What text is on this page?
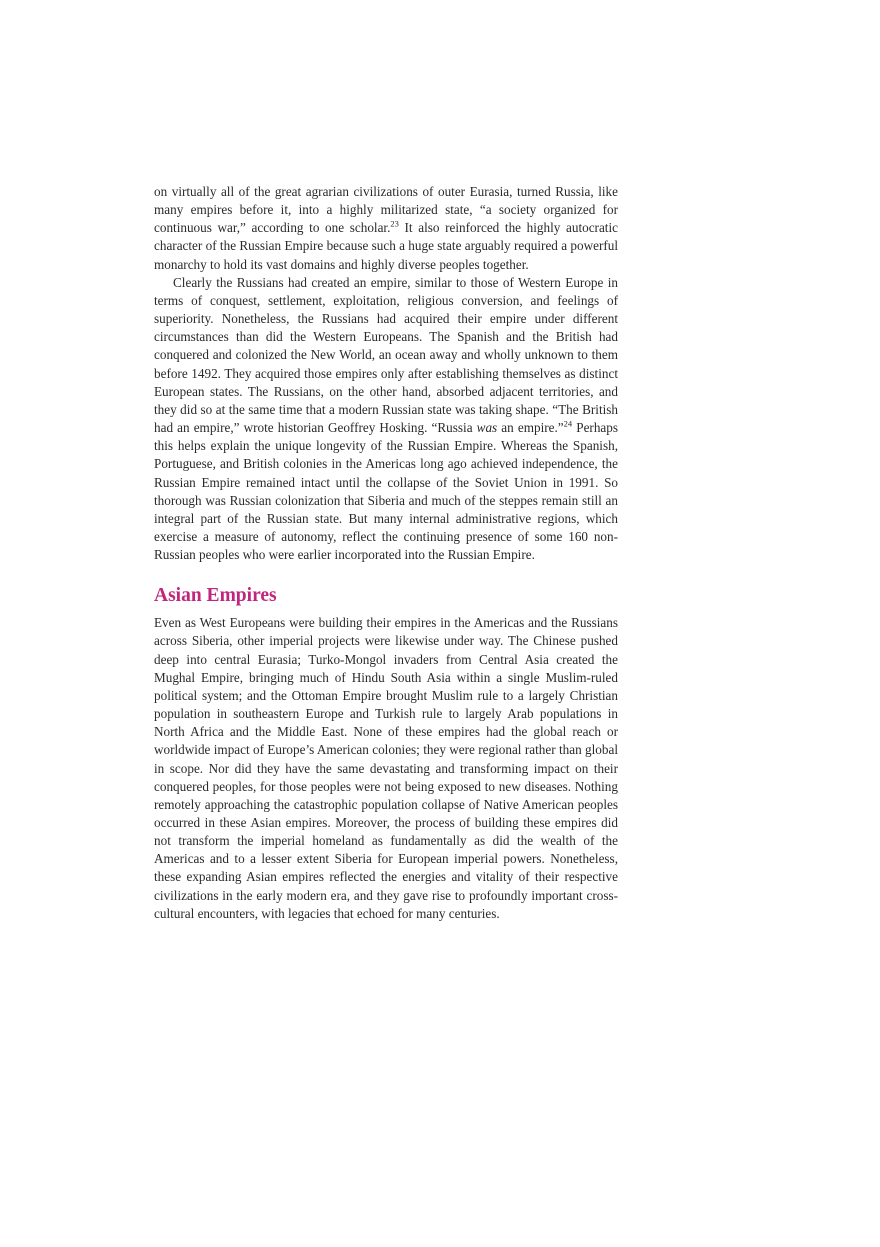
on virtually all of the great agrarian civilizations of outer Eurasia, turned Russia, like many empires before it, into a highly militarized state, “a society organized for continuous war,” according to one scholar.$^{23}$ It also reinforced the highly autocratic character of the Russian Empire because such a huge state arguably required a powerful monarchy to hold its vast domains and highly diverse peoples together.

Clearly the Russians had created an empire, similar to those of Western Europe in terms of conquest, settlement, exploitation, religious conversion, and feelings of superiority. Nonetheless, the Russians had acquired their empire under different circumstances than did the Western Europeans. The Spanish and the British had conquered and colonized the New World, an ocean away and wholly unknown to them before 1492. They acquired those empires only after establishing themselves as distinct European states. The Russians, on the other hand, absorbed adjacent territories, and they did so at the same time that a modern Russian state was taking shape. “The British had an empire,” wrote historian Geoffrey Hosking. “Russia was an empire.”$^{24}$ Perhaps this helps explain the unique longevity of the Russian Empire. Whereas the Spanish, Portuguese, and British colonies in the Americas long ago achieved independence, the Russian Empire remained intact until the collapse of the Soviet Union in 1991. So thorough was Russian colonization that Siberia and much of the steppes remain still an integral part of the Russian state. But many internal administrative regions, which exercise a measure of autonomy, reflect the continuing presence of some 160 non-Russian peoples who were earlier incorporated into the Russian Empire.

Asian Empires

Even as West Europeans were building their empires in the Americas and the Russians across Siberia, other imperial projects were likewise under way. The Chinese pushed deep into central Eurasia; Turko-Mongol invaders from Central Asia created the Mughal Empire, bringing much of Hindu South Asia within a single Muslim-ruled political system; and the Ottoman Empire brought Muslim rule to a largely Christian population in southeastern Europe and Turkish rule to largely Arab populations in North Africa and the Middle East. None of these empires had the global reach or worldwide impact of Europe’s American colonies; they were regional rather than global in scope. Nor did they have the same devastating and transforming impact on their conquered peoples, for those peoples were not being exposed to new diseases. Nothing remotely approaching the catastrophic population collapse of Native American peoples occurred in these Asian empires. Moreover, the process of building these empires did not transform the imperial homeland as fundamentally as did the wealth of the Americas and to a lesser extent Siberia for European imperial powers. Nonetheless, these expanding Asian empires reflected the energies and vitality of their respective civilizations in the early modern era, and they gave rise to profoundly important cross-cultural encounters, with legacies that echoed for many centuries.
